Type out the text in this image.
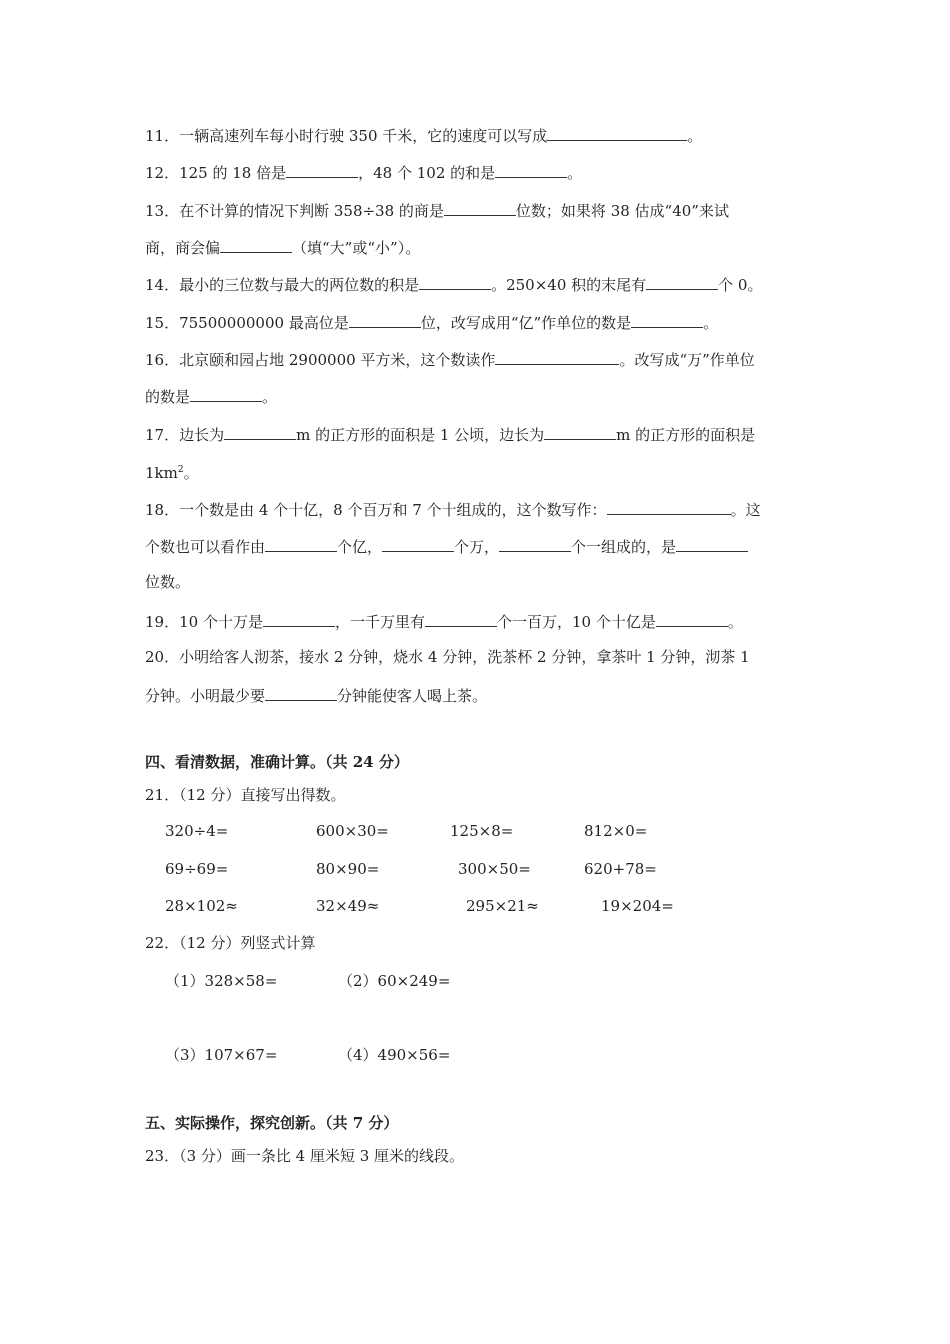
11．一辆高速列车每小时行驶 350 千米，它的速度可以写成	。
12．125 的 18 倍是	，48 个 102 的和是	。
13．在不计算的情况下判断 358÷38 的商是	位数；如果将 38 估成“40”来试
商，商会偏	（填“大”或“小”）。
14．最小的三位数与最大的两位数的积是	。250×40 积的末尾有	个 0。
15．75500000000 最高位是	位，改写成用“亿”作单位的数是	。
16．北京颐和园占地 2900000 平方米，这个数读作	。改写成“万”作单位
的数是	。
17．边长为	m 的正方形的面积是 1 公顷，边长为	m 的正方形的面积是
$1km^2$。
18．一个数是由 4 个十亿，8 个百万和 7 个十组成的，这个数写作：	。这
个数也可以看作由	个亿，	个万，	个一组成的，是
位数。
19．10 个十万是	，一千万里有	个一百万，10 个十亿是	。
20．小明给客人沏茶，接水 2 分钟，烧水 4 分钟，洗茶杯 2 分钟，拿茶叶 1 分钟，沏茶 1
分钟。小明最少要	分钟能使客人喝上茶。
四、看清数据，准确计算。（共 24 分）
21．（12 分）直接写出得数。
320÷4=	600×30=	125×8=	812×0=
69÷69=	80×90=	300×50=	620+78=
28×102≈	32×49≈	295×21≈	19×204=
22．（12 分）列竖式计算
（1）328×58=	（2）60×249=
（3）107×67=	（4）490×56=
五、实际操作，探究创新。（共 7 分）
23．（3 分）画一条比 4 厘米短 3 厘米的线段。
